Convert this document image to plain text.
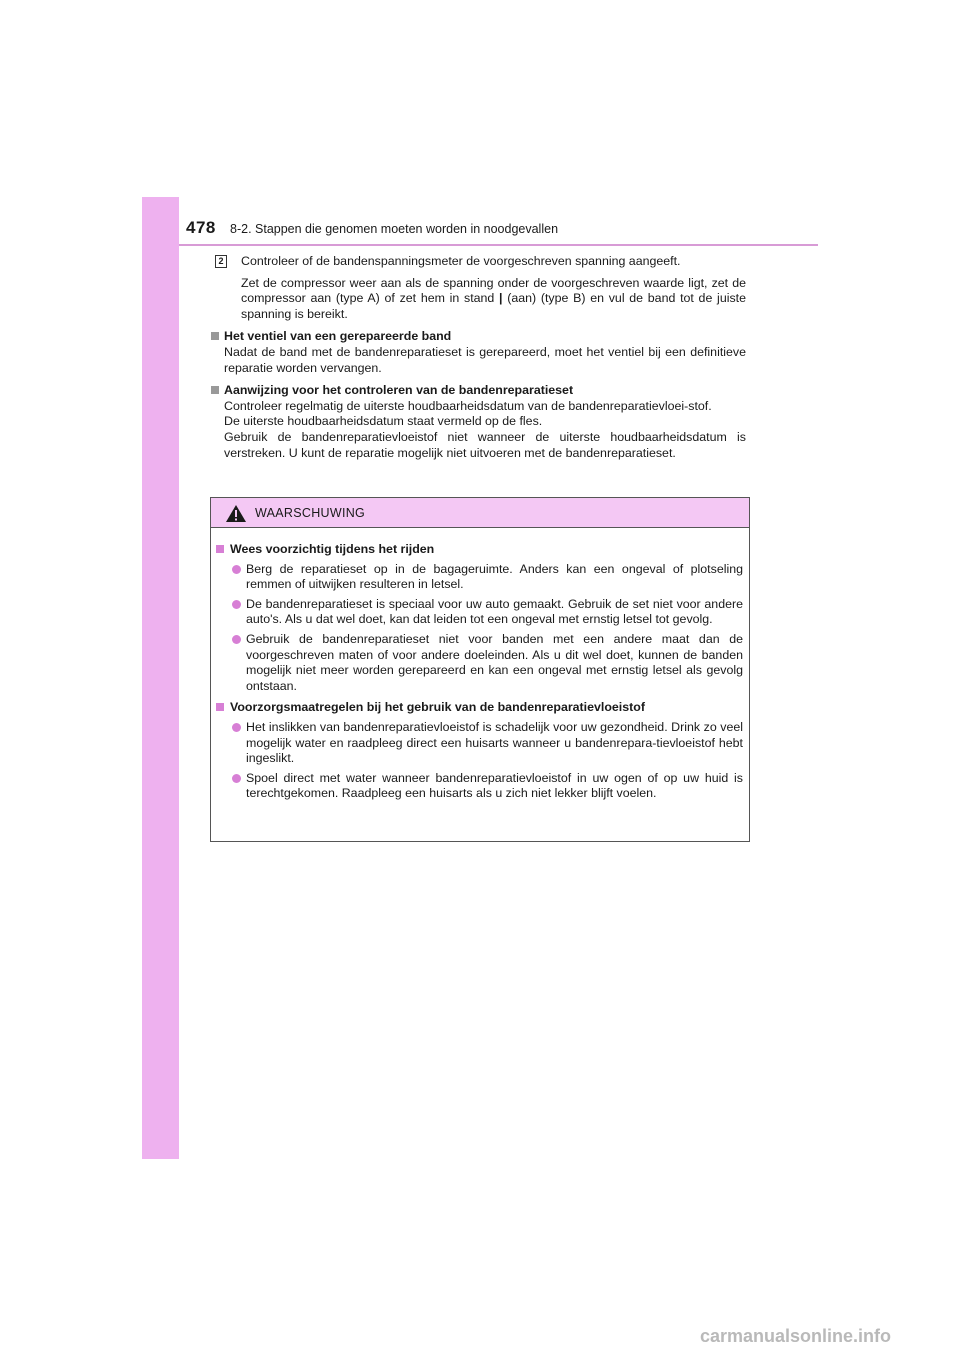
478 8-2. Stappen die genomen moeten worden in noodgevallen
2 Controleer of de bandenspanningsmeter de voorgeschreven spanning aangeeft.
Zet de compressor weer aan als de spanning onder de voorgeschreven waarde ligt, zet de compressor aan (type A) of zet hem in stand | (aan) (type B) en vul de band tot de juiste spanning is bereikt.
Het ventiel van een gerepareerde band
Nadat de band met de bandenreparatieset is gerepareerd, moet het ventiel bij een definitieve reparatie worden vervangen.
Aanwijzing voor het controleren van de bandenreparatieset
Controleer regelmatig de uiterste houdbaarheidsdatum van de bandenreparatievloei-stof.
De uiterste houdbaarheidsdatum staat vermeld op de fles.
Gebruik de bandenreparatievloeistof niet wanneer de uiterste houdbaarheidsdatum is verstreken. U kunt de reparatie mogelijk niet uitvoeren met de bandenreparatieset.
WAARSCHUWING
Wees voorzichtig tijdens het rijden
Berg de reparatieset op in de bagageruimte. Anders kan een ongeval of plotseling remmen of uitwijken resulteren in letsel.
De bandenreparatieset is speciaal voor uw auto gemaakt. Gebruik de set niet voor andere auto's. Als u dat wel doet, kan dat leiden tot een ongeval met ernstig letsel tot gevolg.
Gebruik de bandenreparatieset niet voor banden met een andere maat dan de voorgeschreven maten of voor andere doeleinden. Als u dit wel doet, kunnen de banden mogelijk niet meer worden gerepareerd en kan een ongeval met ernstig letsel als gevolg ontstaan.
Voorzorgsmaatregelen bij het gebruik van de bandenreparatievloeistof
Het inslikken van bandenreparatievloeistof is schadelijk voor uw gezondheid. Drink zo veel mogelijk water en raadpleeg direct een huisarts wanneer u bandenrepara-tievloeistof hebt ingeslikt.
Spoel direct met water wanneer bandenreparatievloeistof in uw ogen of op uw huid is terechtgekomen. Raadpleeg een huisarts als u zich niet lekker blijft voelen.
carmanualsonline.info
